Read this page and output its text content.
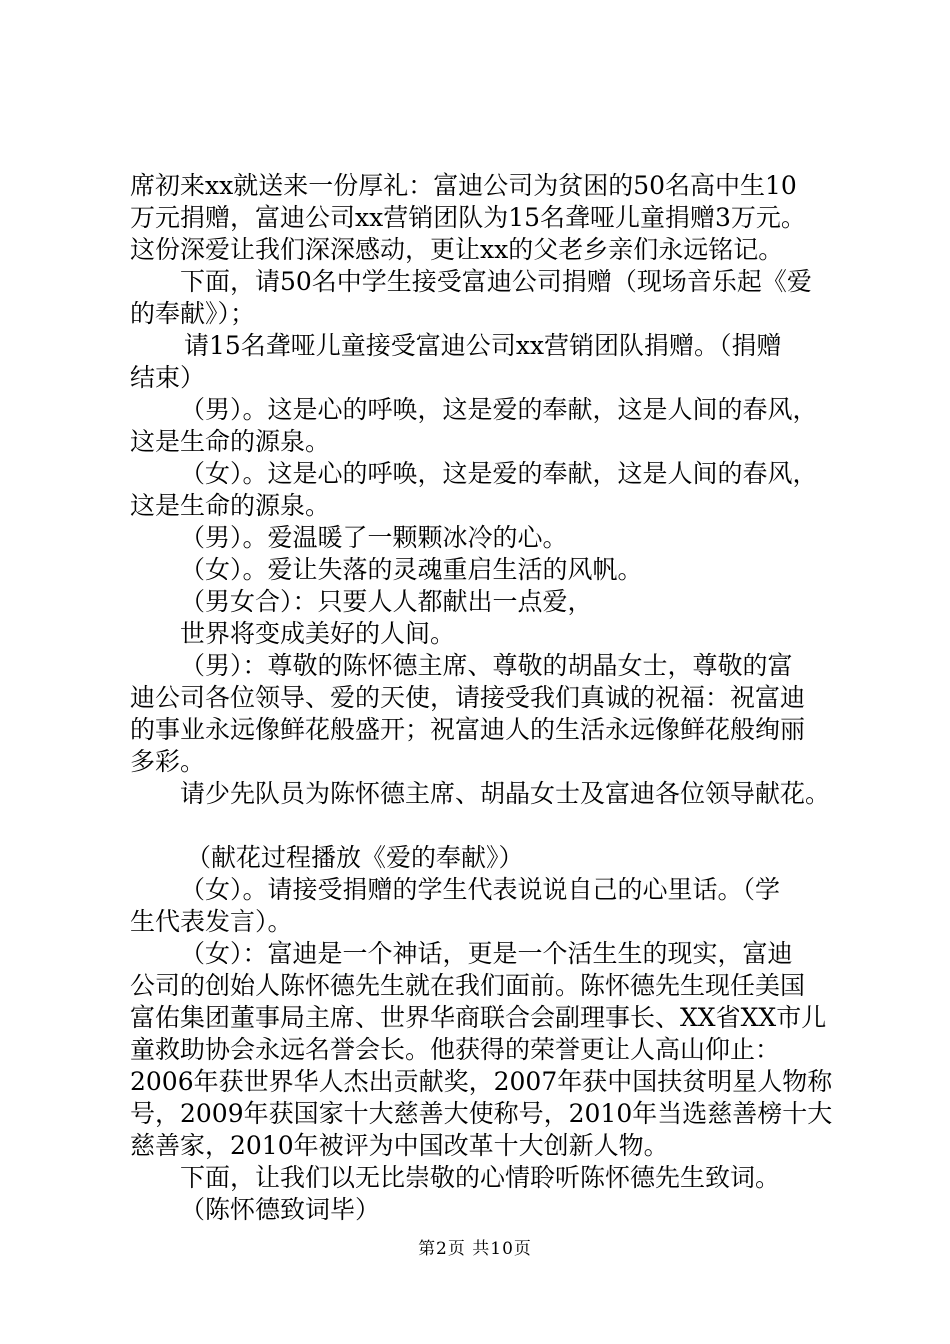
席初来xx就送来一份厚礼：富迪公司为贫困的50名高中生10
万元捐赠，富迪公司xx营销团队为15名聋哑儿童捐赠3万元。
这份深爱让我们深深感动，更让xx的父老乡亲们永远铭记。
下面，请50名中学生接受富迪公司捐赠（现场音乐起《爱
的奉献》）；
请15名聋哑儿童接受富迪公司xx营销团队捐赠。（捐赠
结束）
（男）。这是心的呼唤，这是爱的奉献，这是人间的春风，
这是生命的源泉。
（女）。这是心的呼唤，这是爱的奉献，这是人间的春风，
这是生命的源泉。
（男）。爱温暖了一颗颗冰冷的心。
（女）。爱让失落的灵魂重启生活的风帆。
（男女合）：只要人人都献出一点爱，
世界将变成美好的人间。
（男）：尊敬的陈怀德主席、尊敬的胡晶女士，尊敬的富
迪公司各位领导、爱的天使，请接受我们真诚的祝福：祝富迪
的事业永远像鲜花般盛开；祝富迪人的生活永远像鲜花般绚丽
多彩。
请少先队员为陈怀德主席、胡晶女士及富迪各位领导献花。
（献花过程播放《爱的奉献》）
（女）。请接受捐赠的学生代表说说自己的心里话。（学
生代表发言）。
（女）：富迪是一个神话，更是一个活生生的现实，富迪
公司的创始人陈怀德先生就在我们面前。陈怀德先生现任美国
富佑集团董事局主席、世界华商联合会副理事长、XX省XX市儿
童救助协会永远名誉会长。他获得的荣誉更让人高山仰止：
2006年获世界华人杰出贡献奖，2007年获中国扶贫明星人物称
号，2009年获国家十大慈善大使称号，2010年当选慈善榜十大
慈善家，2010年被评为中国改革十大创新人物。
下面，让我们以无比崇敬的心情聆听陈怀德先生致词。
（陈怀德致词毕）
第2页 共10页
